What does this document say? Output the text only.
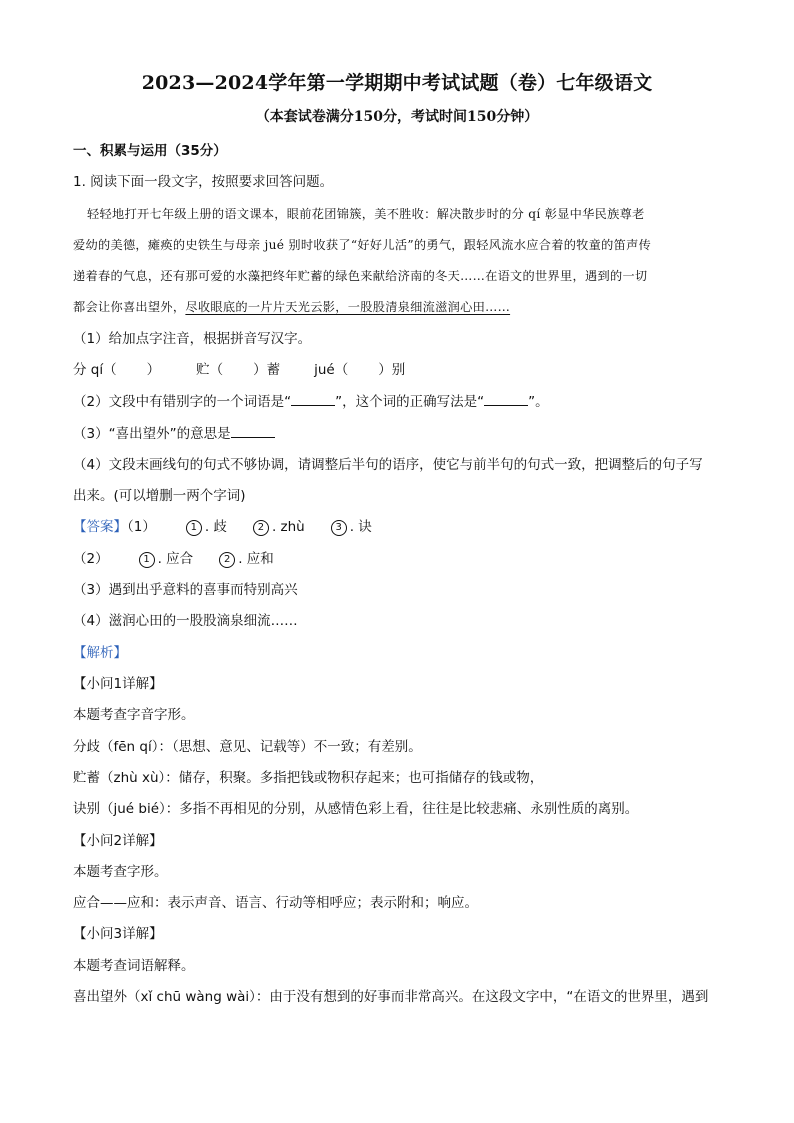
2023—2024学年第一学期期中考试试题（卷）七年级语文
（本套试卷满分150分，考试时间150分钟）
一、积累与运用（35分）
1. 阅读下面一段文字，按照要求回答问题。
轻轻地打开七年级上册的语文课本，眼前花团锦簇，美不胜收：解决散步时的分 qí 彰显中华民族尊老
爱幼的美德，瘫痪的史铁生与母亲 jué 别时收获了“好好儿活”的勇气，跟轻风流水应合着的牧童的笛声传
递着春的气息，还有那可爱的水藻把终年贮蓄的绿色来献给济南的冬天……在语文的世界里，遇到的一切
都会让你喜出望外，尽收眼底的一片片天光云影，一股股清泉细流滋润心田……
（1）给加点字注音，根据拼音写汉字。
分 qí（ ）	贮（ ）蓄	jué（ ）别
（2）文段中有错别字的一个词语是“	”，这个词的正确写法是“	”。
（3）“喜出望外”的意思是
（4）文段末画线句的句式不够协调，请调整后半句的语序，使它与前半句的句式一致，把调整后的句子写
出来。(可以增删一两个字词)
【答案】（1）	1 . 歧	2 . zhù	3 . 诀
（2）	1 . 应合	2 . 应和
（3）遇到出乎意料的喜事而特别高兴
（4）滋润心田的一股股滴泉细流……
【解析】
【小问1详解】
本题考查字音字形。
分歧（fēn qí）：（思想、意见、记载等）不一致；有差别。
贮蓄（zhù xù）：储存，积聚。多指把钱或物积存起来；也可指储存的钱或物，
诀别（jué bié）：多指不再相见的分别，从感情色彩上看，往往是比较悲痛、永别性质的离别。
【小问2详解】
本题考查字形。
应合——应和：表示声音、语言、行动等相呼应；表示附和；响应。
【小问3详解】
本题考查词语解释。
喜出望外（xǐ chū wàng wài）：由于没有想到的好事而非常高兴。在这段文字中，“在语文的世界里，遇到
